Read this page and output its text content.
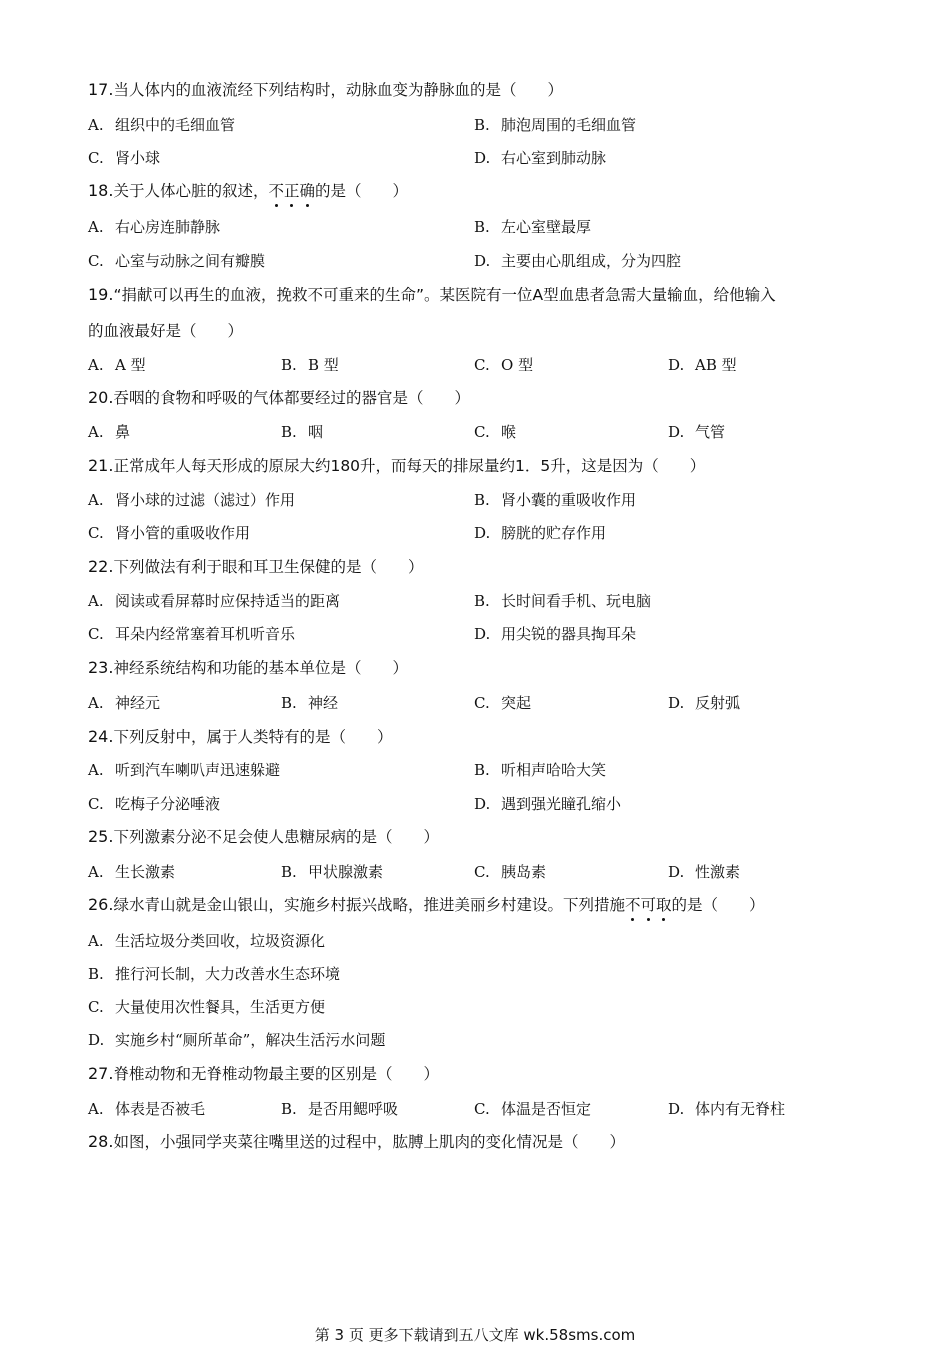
17.当人体内的血液流经下列结构时，动脉血变为静脉血的是（　　）
A. 组织中的毛细血管	B. 肺泡周围的毛细血管
C. 肾小球	D. 右心室到肺动脉
18.关于人体心脏的叙述，不正确的是（　　）
A. 右心房连肺静脉	B. 左心室壁最厚
C. 心室与动脉之间有瓣膜	D. 主要由心肌组成，分为四腔
19.“捐献可以再生的血液，挽救不可重来的生命”。某医院有一位A型血患者急需大量输血，给他输入
的血液最好是（　　）
A. A 型	B. B 型	C. O 型	D. AB 型
20.吞咽的食物和呼吸的气体都要经过的器官是（　　）
A. 鼻	B. 咽	C. 喉	D. 气管
21.正常成年人每天形成的原尿大约180升，而每天的排尿量约1．5升，这是因为（　　）
A. 肾小球的过滤（滤过）作用	B. 肾小囊的重吸收作用
C. 肾小管的重吸收作用	D. 膀胱的贮存作用
22.下列做法有利于眼和耳卫生保健的是（　　）
A. 阅读或看屏幕时应保持适当的距离	B. 长时间看手机、玩电脑
C. 耳朵内经常塞着耳机听音乐	D. 用尖锐的器具掏耳朵
23.神经系统结构和功能的基本单位是（　　）
A. 神经元	B. 神经	C. 突起	D. 反射弧
24.下列反射中，属于人类特有的是（　　）
A. 听到汽车喇叭声迅速躲避	B. 听相声哈哈大笑
C. 吃梅子分泌唾液	D. 遇到强光瞳孔缩小
25.下列激素分泌不足会使人患糖尿病的是（　　）
A. 生长激素	B. 甲状腺激素	C. 胰岛素	D. 性激素
26.绿水青山就是金山银山，实施乡村振兴战略，推进美丽乡村建设。下列措施不可取的是（　　）
A. 生活垃圾分类回收，垃圾资源化
B. 推行河长制，大力改善水生态环境
C. 大量使用次性餐具，生活更方便
D. 实施乡村“厕所革命”，解决生活污水问题
27.脊椎动物和无脊椎动物最主要的区别是（　　）
A. 体表是否被毛	B. 是否用鳃呼吸	C. 体温是否恒定	D. 体内有无脊柱
28.如图，小强同学夹菜往嘴里送的过程中，肱膊上肌肉的变化情况是（　　）
第 3 页 更多下载请到五八文库 wk.58sms.com
